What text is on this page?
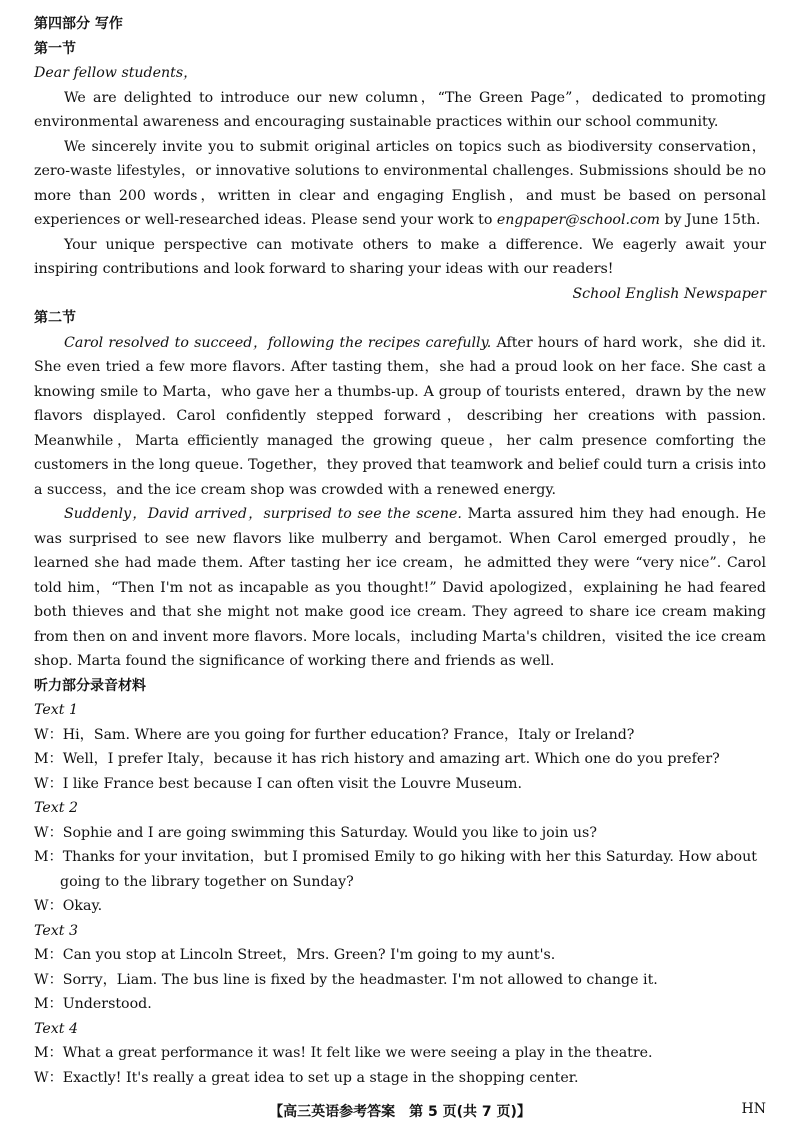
第四部分 写作
第一节
Dear fellow students，
We are delighted to introduce our new column，“The Green Page”，dedicated to promoting environmental awareness and encouraging sustainable practices within our school community.
We sincerely invite you to submit original articles on topics such as biodiversity conservation，zero-waste lifestyles，or innovative solutions to environmental challenges. Submissions should be no more than 200 words，written in clear and engaging English，and must be based on personal experiences or well-researched ideas. Please send your work to engpaper@school.com by June 15th.
Your unique perspective can motivate others to make a difference. We eagerly await your inspiring contributions and look forward to sharing your ideas with our readers!
School English Newspaper
第二节
Carol resolved to succeed，following the recipes carefully. After hours of hard work，she did it. She even tried a few more flavors. After tasting them，she had a proud look on her face. She cast a knowing smile to Marta，who gave her a thumbs-up. A group of tourists entered，drawn by the new flavors displayed. Carol confidently stepped forward，describing her creations with passion. Meanwhile，Marta efficiently managed the growing queue，her calm presence comforting the customers in the long queue. Together，they proved that teamwork and belief could turn a crisis into a success，and the ice cream shop was crowded with a renewed energy.
Suddenly，David arrived，surprised to see the scene. Marta assured him they had enough. He was surprised to see new flavors like mulberry and bergamot. When Carol emerged proudly，he learned she had made them. After tasting her ice cream，he admitted they were “very nice”. Carol told him，“Then I'm not as incapable as you thought!” David apologized，explaining he had feared both thieves and that she might not make good ice cream. They agreed to share ice cream making from then on and invent more flavors. More locals，including Marta's children，visited the ice cream shop. Marta found the significance of working there and friends as well.
听力部分录音材料
Text 1
W：Hi，Sam. Where are you going for further education? France，Italy or Ireland?
M：Well，I prefer Italy，because it has rich history and amazing art. Which one do you prefer?
W：I like France best because I can often visit the Louvre Museum.
Text 2
W：Sophie and I are going swimming this Saturday. Would you like to join us?
M：Thanks for your invitation，but I promised Emily to go hiking with her this Saturday. How about going to the library together on Sunday?
W：Okay.
Text 3
M：Can you stop at Lincoln Street，Mrs. Green? I'm going to my aunt's.
W：Sorry，Liam. The bus line is fixed by the headmaster. I'm not allowed to change it.
M：Understood.
Text 4
M：What a great performance it was! It felt like we were seeing a play in the theatre.
W：Exactly! It's really a great idea to set up a stage in the shopping center.
【高三英语参考答案　第 5 页(共 7 页)】	HN
